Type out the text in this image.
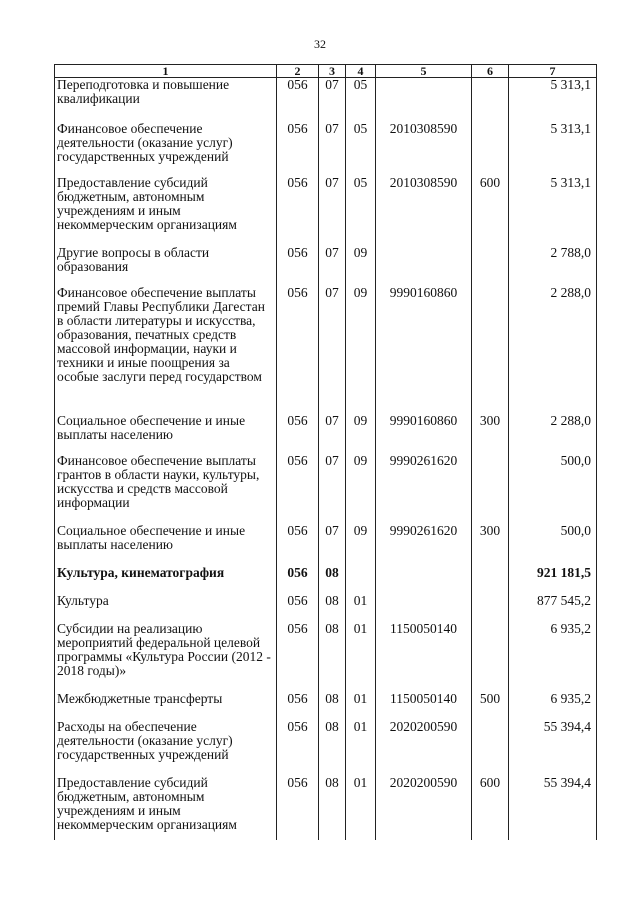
32
1	2	3	4	5	6	7
Переподготовка и повышение квалификации	056	07	05			5 313,1
Финансовое обеспечение деятельности (оказание услуг) государственных учреждений	056	07	05	2010308590		5 313,1
Предоставление субсидий бюджетным, автономным учреждениям и иным некоммерческим организациям	056	07	05	2010308590	600	5 313,1
Другие вопросы в области образования	056	07	09			2 788,0
Финансовое обеспечение выплаты премий Главы Республики Дагестан в области литературы и искусства, образования, печатных средств массовой информации, науки и техники и иные поощрения за особые заслуги перед государством	056	07	09	9990160860		2 288,0
Социальное обеспечение и иные выплаты населению	056	07	09	9990160860	300	2 288,0
Финансовое обеспечение выплаты грантов в области науки, культуры, искусства и средств массовой информации	056	07	09	9990261620		500,0
Социальное обеспечение и иные выплаты населению	056	07	09	9990261620	300	500,0
Культура, кинематография	056	08				921 181,5
Культура	056	08	01			877 545,2
Субсидии на реализацию мероприятий федеральной целевой программы «Культура России (2012 - 2018 годы)»	056	08	01	1150050140		6 935,2
Межбюджетные трансферты	056	08	01	1150050140	500	6 935,2
Расходы на обеспечение деятельности (оказание услуг) государственных учреждений	056	08	01	2020200590		55 394,4
Предоставление субсидий бюджетным, автономным учреждениям и иным некоммерческим организациям	056	08	01	2020200590	600	55 394,4
